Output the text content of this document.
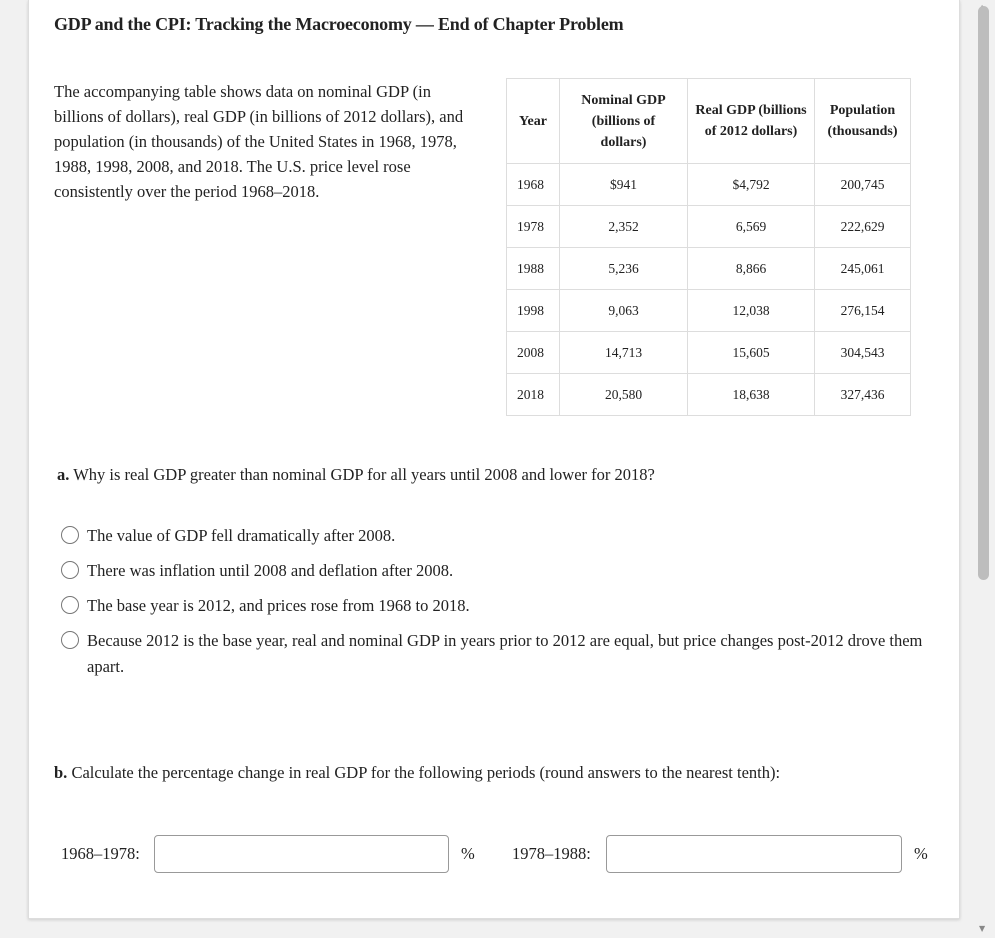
GDP and the CPI: Tracking the Macroeconomy — End of Chapter Problem
The accompanying table shows data on nominal GDP (in billions of dollars), real GDP (in billions of 2012 dollars), and population (in thousands) of the United States in 1968, 1978, 1988, 1998, 2008, and 2018. The U.S. price level rose consistently over the period 1968–2018.
Year	Nominal GDP (billions of dollars)	Real GDP (billions of 2012 dollars)	Population (thousands)
1968	$941	$4,792	200,745
1978	2,352	6,569	222,629
1988	5,236	8,866	245,061
1998	9,063	12,038	276,154
2008	14,713	15,605	304,543
2018	20,580	18,638	327,436
a. Why is real GDP greater than nominal GDP for all years until 2008 and lower for 2018?
The value of GDP fell dramatically after 2008.
There was inflation until 2008 and deflation after 2008.
The base year is 2012, and prices rose from 1968 to 2018.
Because 2012 is the base year, real and nominal GDP in years prior to 2012 are equal, but price changes post-2012 drove them apart.
b. Calculate the percentage change in real GDP for the following periods (round answers to the nearest tenth):
1968–1978:	% 1978–1988:	%
▼
